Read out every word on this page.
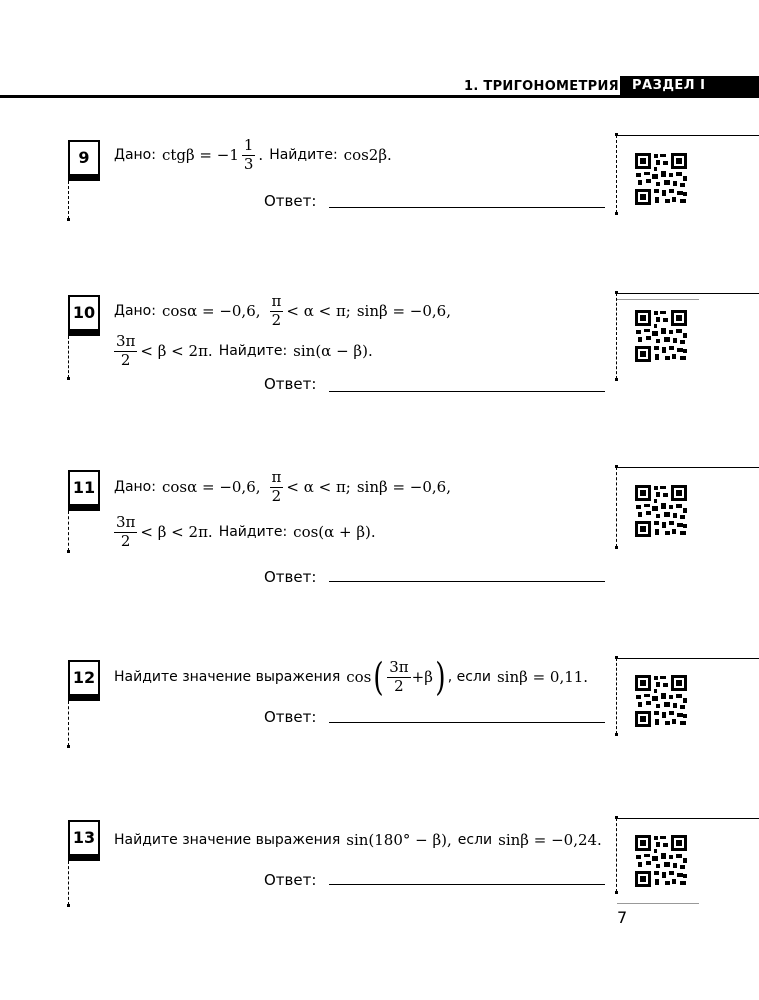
1. ТРИГОНОМЕТРИЯ	РАЗДЕЛ I
9	Дано: $ctg\beta = -1 \frac{1}{3}$ . Найдите: cos2β.
Ответ:
10	Дано: cosα = −0,6, $\frac{\pi}{2} < \alpha < \pi$; sinβ = −0,6,
$\frac{3\pi}{2} < \beta < 2\pi$. Найдите: sin(α − β).
Ответ:
11	Дано: cosα = −0,6, $\frac{\pi}{2} < \alpha < \pi$; sinβ = −0,6,
$\frac{3\pi}{2} < \beta < 2\pi$. Найдите: cos(α + β).
Ответ:
12	Найдите значение выражения cos ( $\frac{3\pi}{2} +\beta$ ) , если sinβ = 0,11.
Ответ:
13	Найдите значение выражения sin(180° − β), если sinβ = −0,24.
Ответ:
7
